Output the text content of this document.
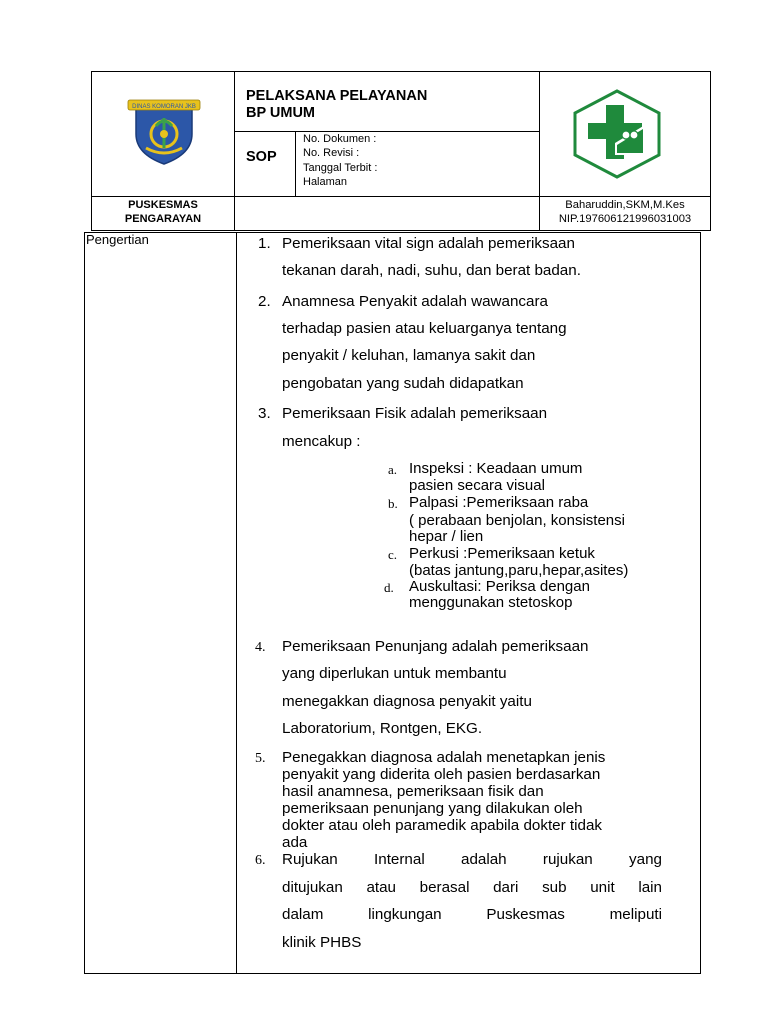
DINAS KOMORAN JKB
PELAKSANA PELAYANAN
BP UMUM
SOP
No. Dokumen :
No. Revisi :
Tanggal Terbit :
Halaman
PUSKESMAS
PENGARAYAN
Baharuddin,SKM,M.Kes
NIP.197606121996031003
Pengertian	1. Pemeriksaan vital sign adalah pemeriksaan
tekanan darah, nadi, suhu, dan berat badan.
2. Anamnesa Penyakit adalah wawancara
terhadap pasien atau keluarganya tentang
penyakit / keluhan, lamanya sakit dan
pengobatan yang sudah didapatkan
3. Pemeriksaan Fisik adalah pemeriksaan
mencakup :
a. Inspeksi : Keadaan umum
pasien secara visual
b. Palpasi :Pemeriksaan raba
( perabaan benjolan, konsistensi
hepar / lien
c. Perkusi :Pemeriksaan ketuk
(batas jantung,paru,hepar,asites)
d. Auskultasi: Periksa dengan
menggunakan stetoskop
4. Pemeriksaan Penunjang adalah pemeriksaan
yang diperlukan untuk membantu
menegakkan diagnosa penyakit yaitu
Laboratorium, Rontgen, EKG.
5. Penegakkan diagnosa adalah menetapkan jenis
penyakit yang diderita oleh pasien berdasarkan
hasil anamnesa, pemeriksaan fisik dan
pemeriksaan penunjang yang dilakukan oleh
dokter atau oleh paramedik apabila dokter tidak
ada
6. Rujukan Internal adalah rujukan yang
ditujukan atau berasal dari sub unit lain
dalam lingkungan Puskesmas meliputi
klinik PHBS
